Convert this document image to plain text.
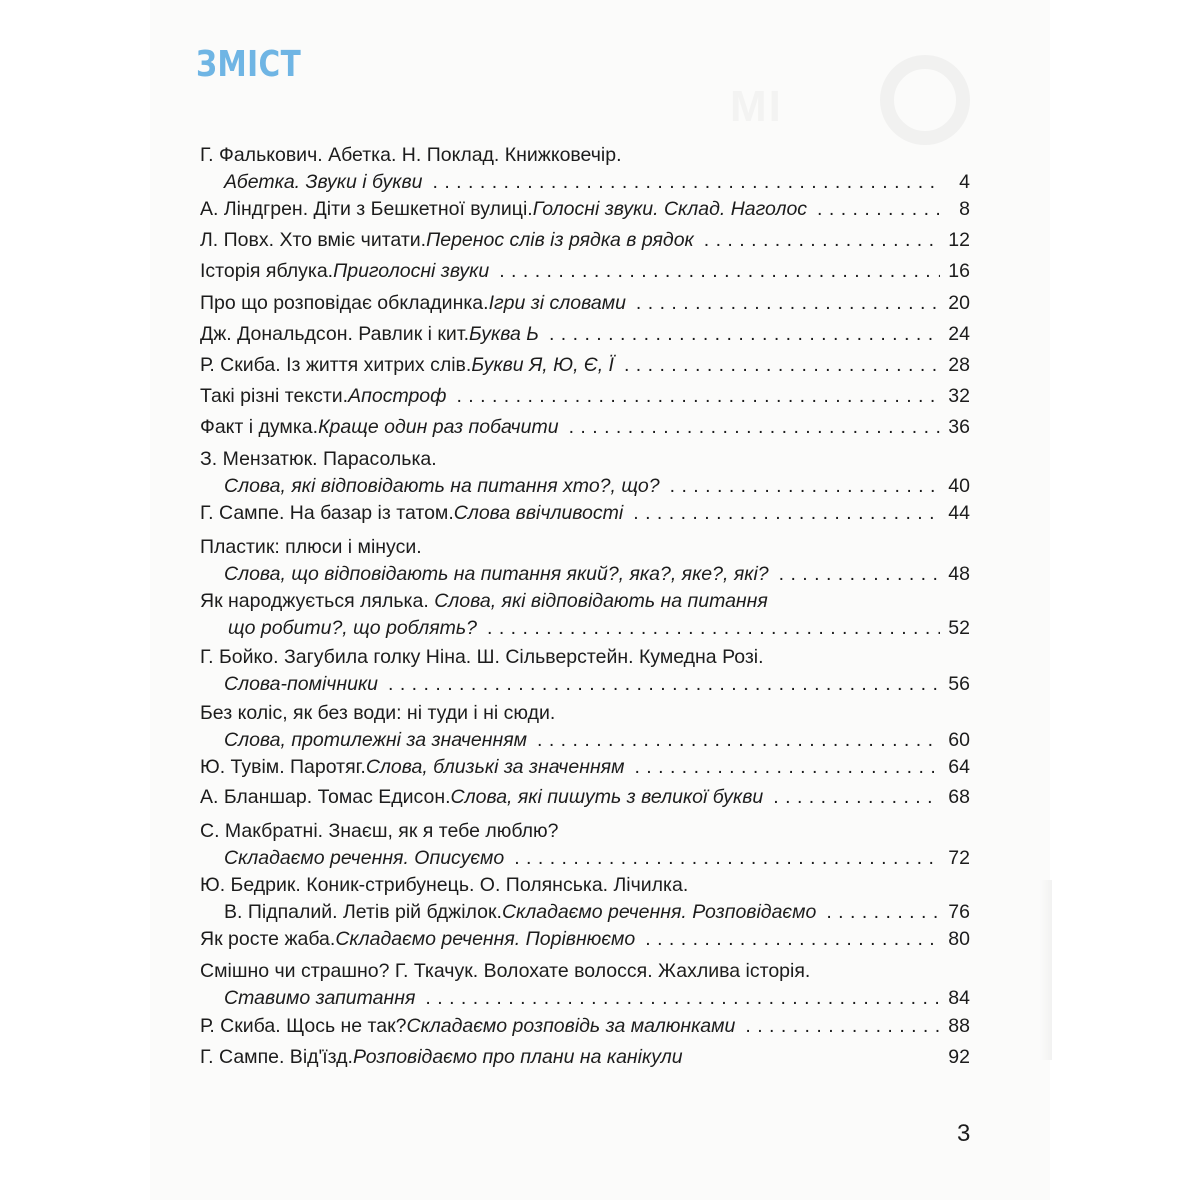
МІ
ЗМІСТ
Г. Фалькович. Абетка. Н. Поклад. Книжковечір.
Абетка. Звуки і букви . . .	4
А. Ліндгрен. Діти з Бешкетної вулиці. Голосні звуки. Склад. Наголос . . .	8
Л. Повх. Хто вміє читати. Перенос слів із рядка в рядок . . .	12
Історія яблука. Приголосні звуки . . .	16
Про що розповідає обкладинка. Ігри зі словами . . .	20
Дж. Дональдсон. Равлик і кит. Буква Ь . . .	24
Р. Скиба. Із життя хитрих слів. Букви Я, Ю, Є, Ї . . .	28
Такі різні тексти. Апостроф . . .	32
Факт і думка. Краще один раз побачити . . .	36
З. Мензатюк. Парасолька.
Слова, які відповідають на питання хто?, що? . . .	40
Г. Сампе. На базар із татом. Слова ввічливості . . .	44
Пластик: плюси і мінуси.
Слова, що відповідають на питання який?, яка?, яке?, які? . . .	48
Як народжується лялька. Слова, які відповідають на питання
що робити?, що роблять? . . .	52
Г. Бойко. Загубила голку Ніна. Ш. Сільверстейн. Кумедна Розі.
Слова-помічники . . .	56
Без коліс, як без води: ні туди і ні сюди.
Слова, протилежні за значенням . . .	60
Ю. Тувім. Паротяг. Слова, близькі за значенням . . .	64
А. Бланшар. Томас Едисон. Слова, які пишуть з великої букви . . .	68
С. Макбратні. Знаєш, як я тебе люблю?
Складаємо речення. Описуємо . . .	72
Ю. Бедрик. Коник-стрибунець. О. Полянська. Лічилка.
В. Підпалий. Летів рій бджілок. Складаємо речення. Розповідаємо . . .	76
Як росте жаба. Складаємо речення. Порівнюємо . . .	80
Смішно чи страшно? Г. Ткачук. Волохате волосся. Жахлива історія.
Ставимо запитання . . .	84
Р. Скиба. Щось не так? Складаємо розповідь за малюнками . . .	88
Г. Сампе. Від'їзд. Розповідаємо про плани на канікули	92
3
